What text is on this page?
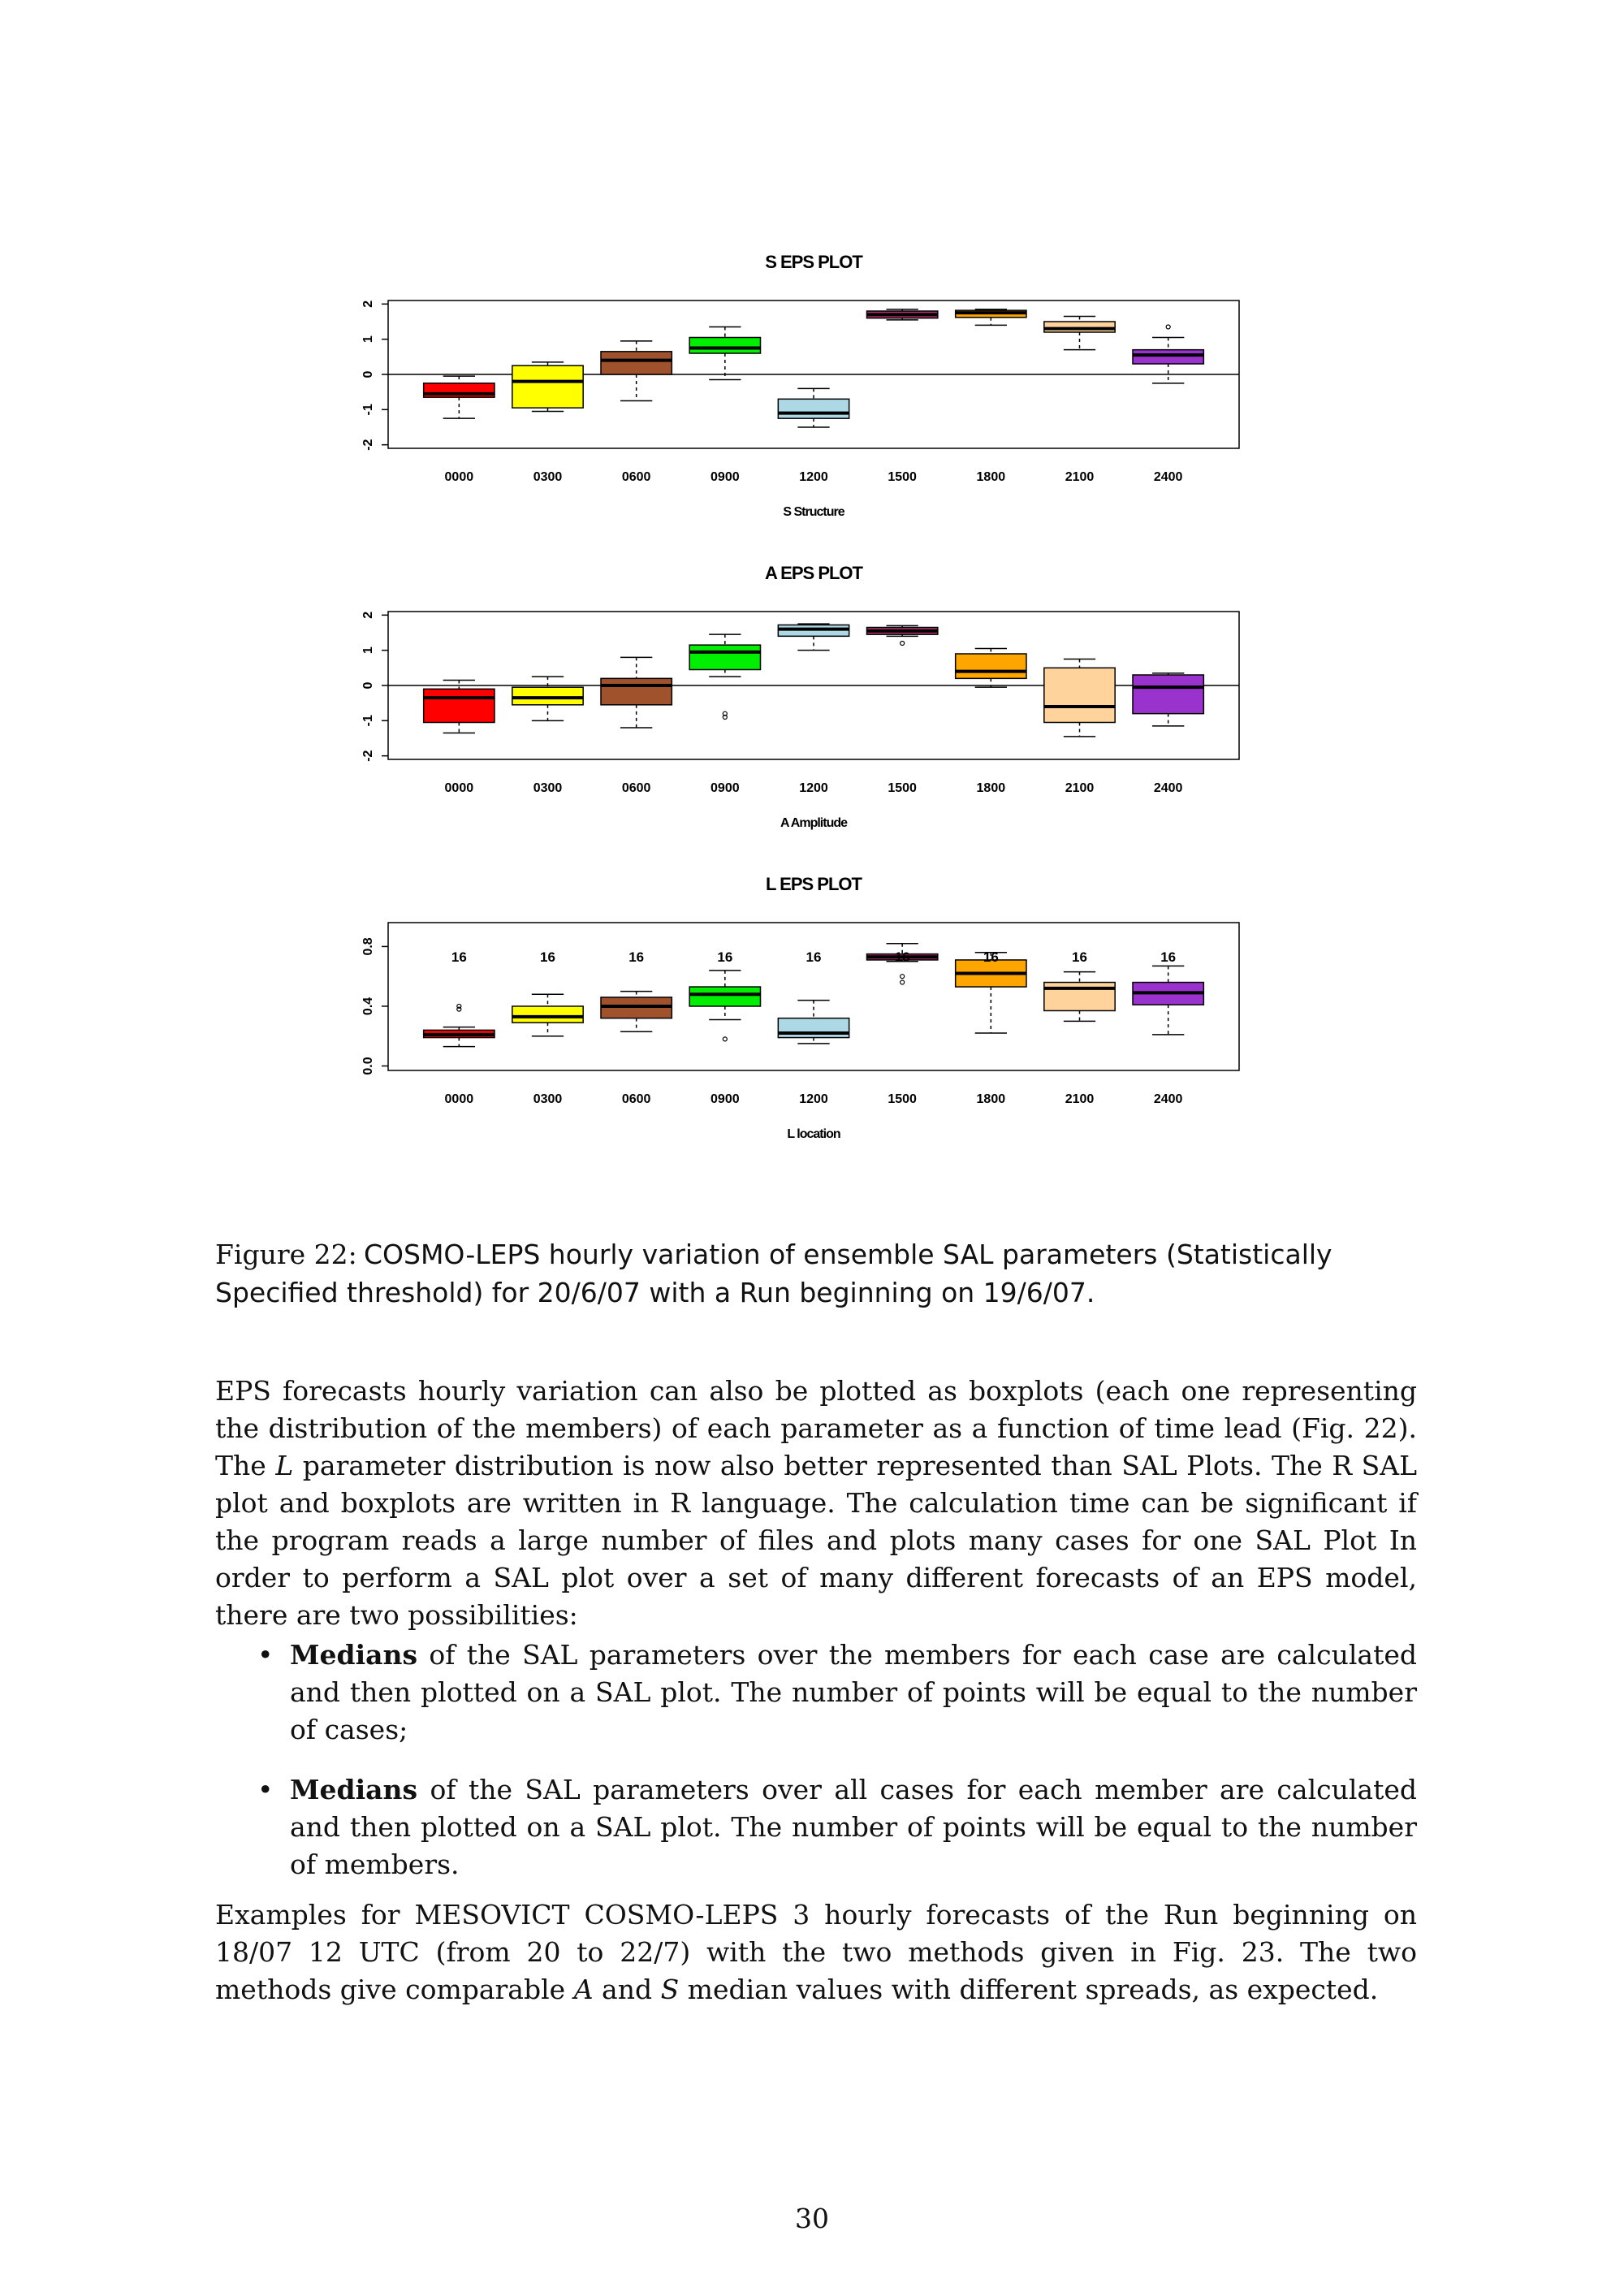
S EPS PLOT
-2
-1
0
1
2
0000	0300	0600	0900	1200	1500	1800	2100	2400
S Structure
A EPS PLOT
-2
-1
0
1
2
0000	0300	0600	0900	1200	1500	1800	2100	2400
A Amplitude
L EPS PLOT
0.0
0.4
0.8
0000
16
0300
16
0600
16
0900
16
1200
16
1500
16
1800
16
2100
16
2400
16
L location
Figure 22: COSMO-LEPS hourly variation of ensemble SAL parameters (Statistically Specified threshold) for 20/6/07 with a Run beginning on 19/6/07.

EPS forecasts hourly variation can also be plotted as boxplots (each one representing the distribution of the members) of each parameter as a function of time lead (Fig. 22). The L parameter distribution is now also better represented than SAL Plots. The R SAL plot and boxplots are written in R language. The calculation time can be significant if the program reads a large number of files and plots many cases for one SAL Plot In order to perform a SAL plot over a set of many different forecasts of an EPS model, there are two possibilities:

• Medians of the SAL parameters over the members for each case are calculated and then plotted on a SAL plot. The number of points will be equal to the number of cases;
• Medians of the SAL parameters over all cases for each member are calculated and then plotted on a SAL plot. The number of points will be equal to the number of members.

Examples for MESOVICT COSMO-LEPS 3 hourly forecasts of the Run beginning on 18/07 12 UTC (from 20 to 22/7) with the two methods given in Fig. 23. The two methods give comparable A and S median values with different spreads, as expected.

30
